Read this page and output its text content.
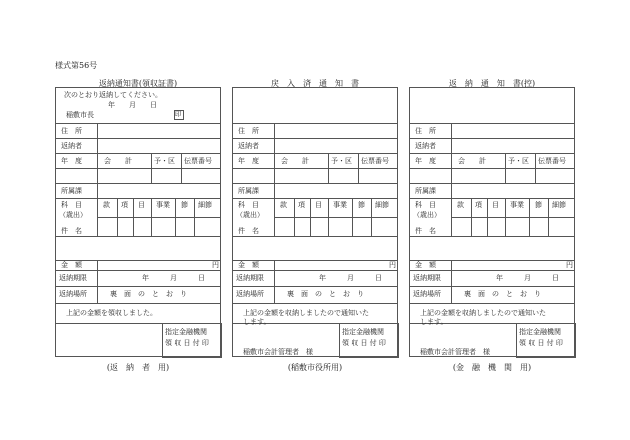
様式第56号
返納通知書(領収証書)
(返　納　者　用)
次のとおり返納してください。
年　　月　　日
稲敷市長	印
住　所
返納者
年　度	会　　計	予・区 伝票番号
所属課
科　目
（歳出）
款 項 目 事業 節 細節
件　名
金　額	円
返納期限	年　　　月　　　日
返納場所	裏　面　の　と　お　り
上記の金額を領収しました。
指定金融機関
領 収 日 付 印
戻　入　済　通　知　書
(稲敷市役所用)
住　所
返納者
年　度	会　　計	予・区 伝票番号
所属課
科　目
（歳出）
款 項 目 事業 節 細節
件　名
金　額	円
返納期限	年　　　月　　　日
返納場所	裏　面　の　と　お　り
上記の金額を収納しましたので通知いた
します。
稲敷市会計管理者　様
指定金融機関
領 収 日 付 印
返　納　通　知　書(控)
(金　融　機　関　用)
住　所
返納者
年　度	会　　計	予・区 伝票番号
所属課
科　目
（歳出）
款 項 目 事業 節 細節
件　名
金　額	円
返納期限	年　　　月　　　日
返納場所	裏　面　の　と　お　り
上記の金額を収納しましたので通知いた
します。
稲敷市会計管理者　様
指定金融機関
領 収 日 付 印
